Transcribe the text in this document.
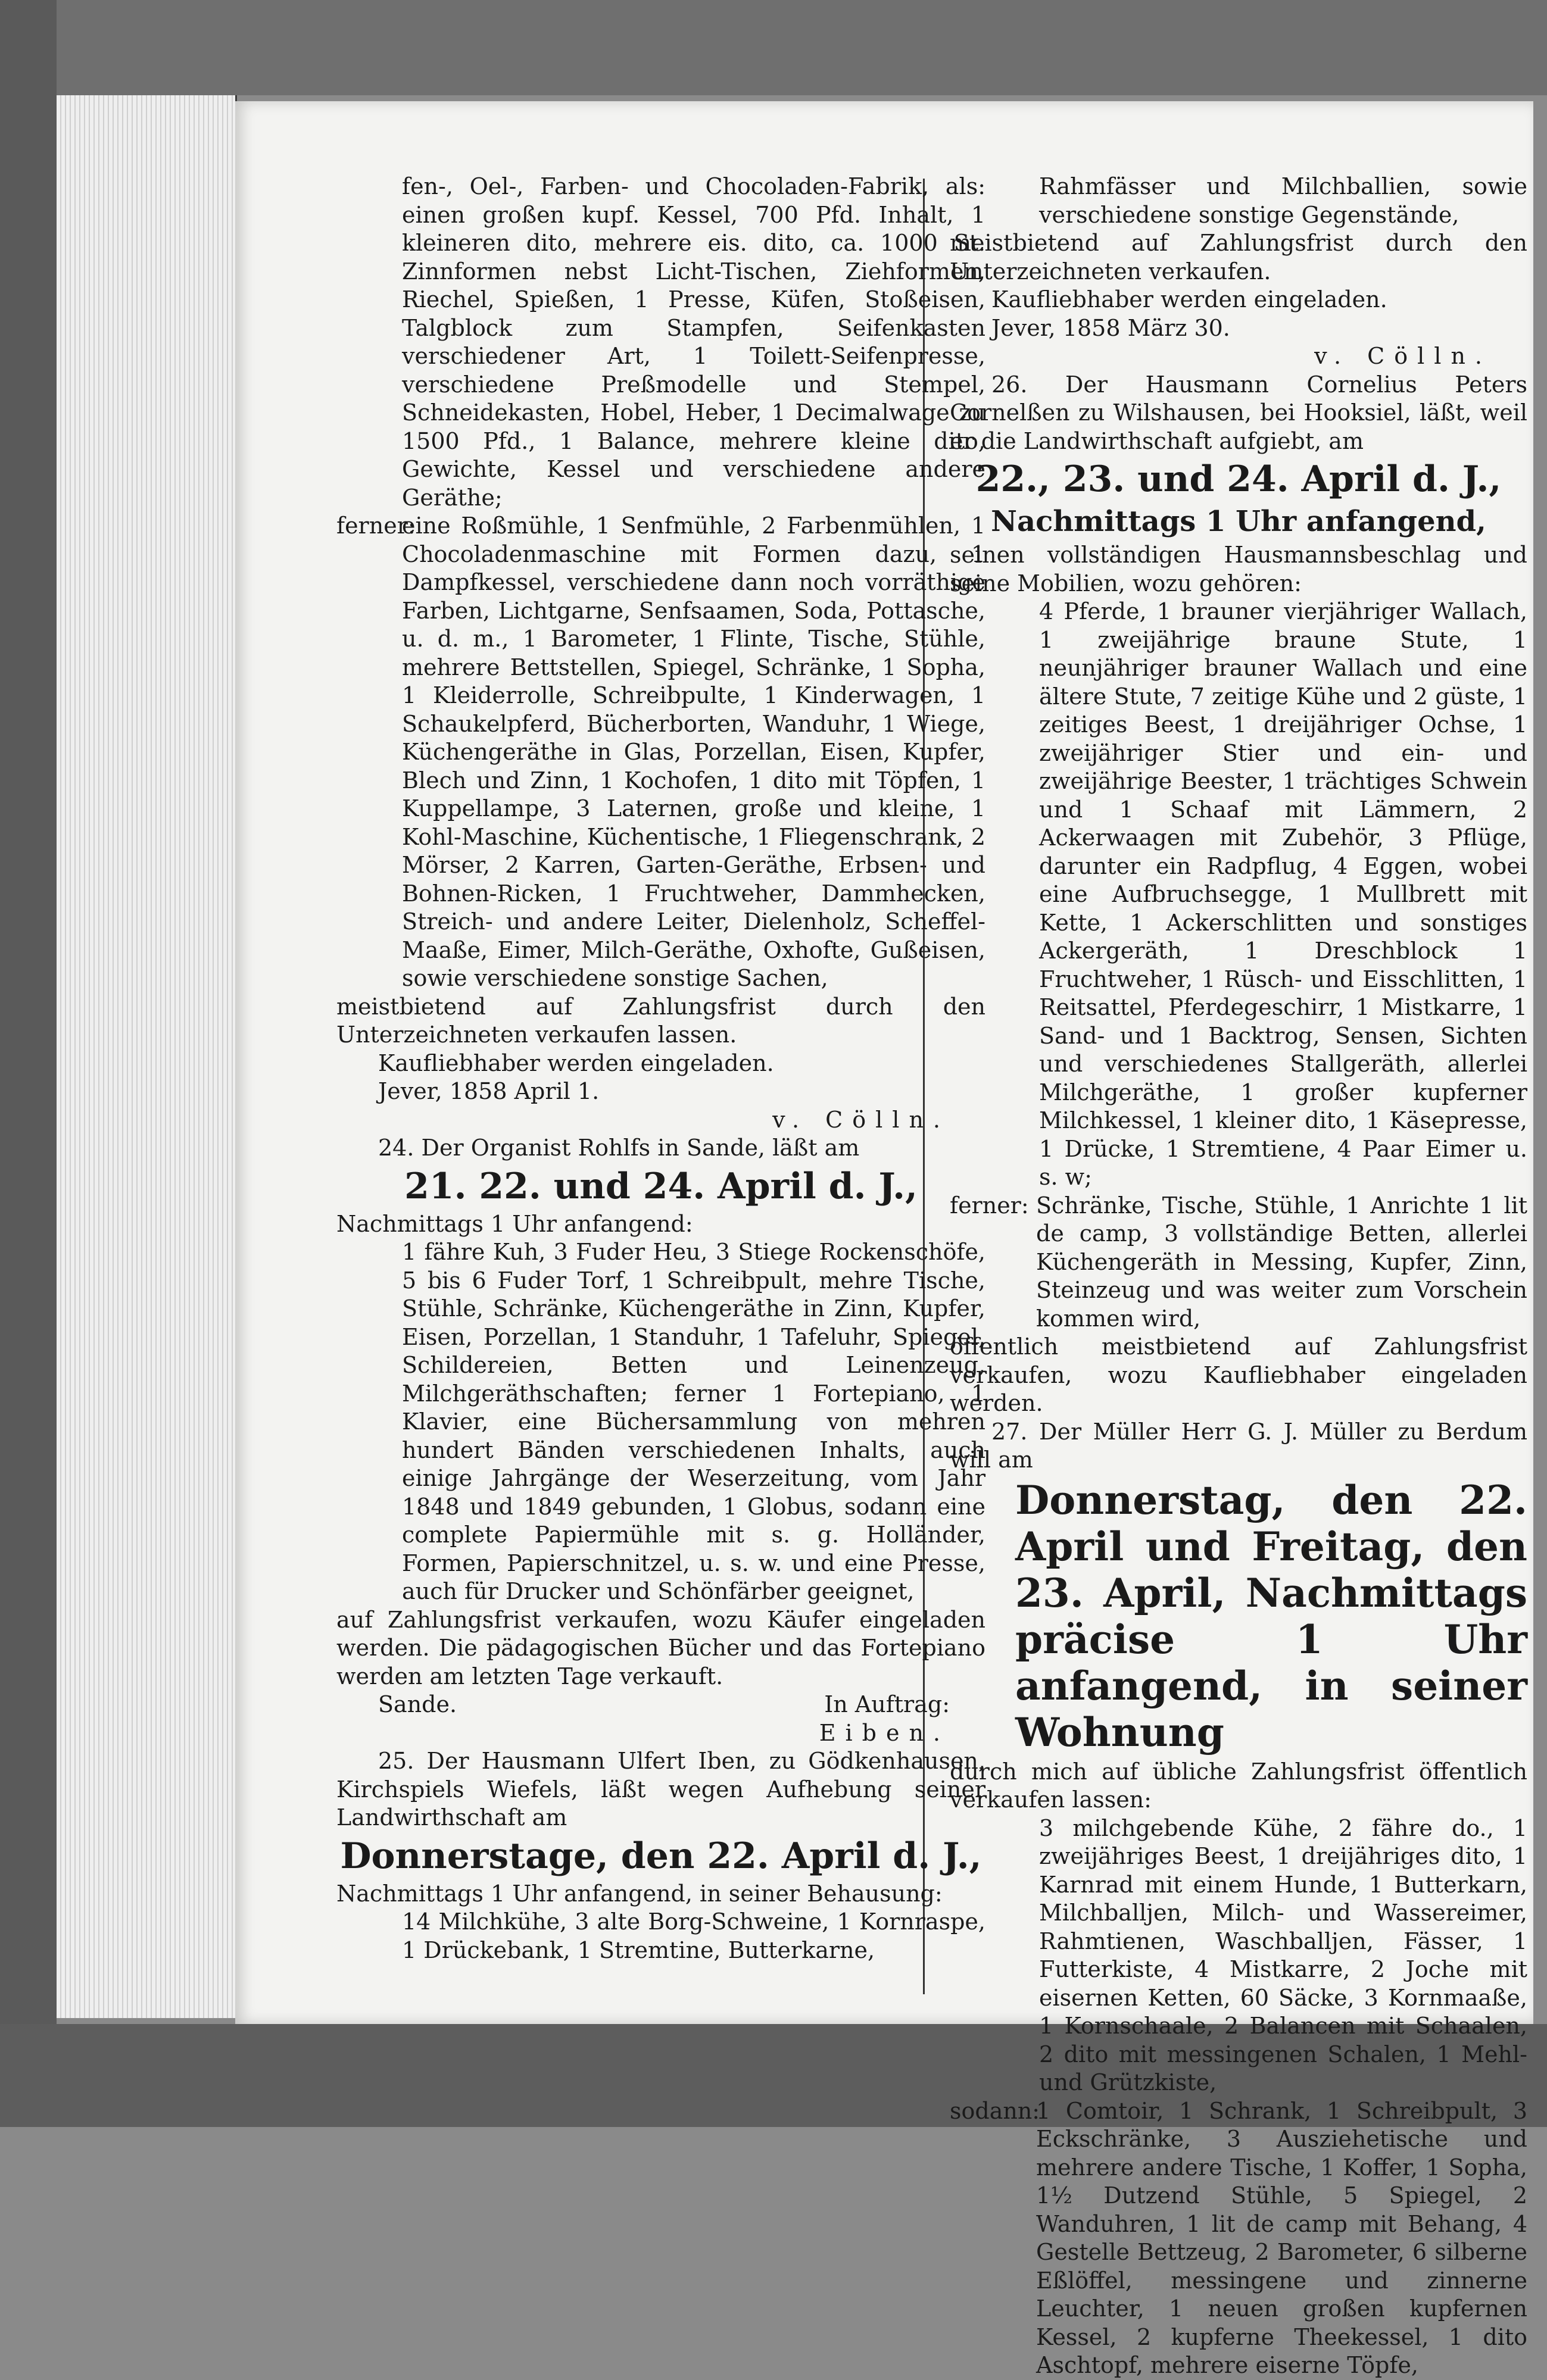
fen-, Oel-, Farben- und Chocoladen-Fabrik, als: einen großen kupf. Kessel, 700 Pfd. Inhalt, 1 kleineren dito, mehrere eis. dito, ca. 1000 St. Zinnformen nebst Licht-Tischen, Ziehformen, Riechel, Spießen, 1 Presse, Küfen, Stoßeisen, Talgblock zum Stampfen, Seifenkasten verschiedener Art, 1 Toilett-Seifenpresse, verschiedene Preßmodelle und Stempel, Schneidekasten, Hobel, Heber, 1 Decimalwage zu 1500 Pfd., 1 Balance, mehrere kleine dito, Gewichte, Kessel und verschiedene andere Geräthe;

ferner:

eine Roßmühle, 1 Senfmühle, 2 Farbenmühlen, 1 Chocoladenmaschine mit Formen dazu, 1 Dampfkessel, verschiedene dann noch vorräthige Farben, Lichtgarne, Senfsaamen, Soda, Pottasche, u. d. m., 1 Barometer, 1 Flinte, Tische, Stühle, mehrere Bettstellen, Spiegel, Schränke, 1 Sopha, 1 Kleiderrolle, Schreibpulte, 1 Kinderwagen, 1 Schaukelpferd, Bücherborten, Wanduhr, 1 Wiege, Küchengeräthe in Glas, Porzellan, Eisen, Kupfer, Blech und Zinn, 1 Kochofen, 1 dito mit Töpfen, 1 Kuppellampe, 3 Laternen, große und kleine, 1 Kohl-Maschine, Küchentische, 1 Fliegenschrank, 2 Mörser, 2 Karren, Garten-Geräthe, Erbsen- und Bohnen-Ricken, 1 Fruchtweher, Dammhecken, Streich- und andere Leiter, Dielenholz, Scheffel-Maaße, Eimer, Milch-Geräthe, Oxhofte, Gußeisen, sowie verschiedene sonstige Sachen,

meistbietend auf Zahlungsfrist durch den Unterzeichneten verkaufen lassen.

Kaufliebhaber werden eingeladen.

Jever, 1858 April 1.

v. Cölln.

24. Der Organist Rohlfs in Sande, läßt am

21. 22. und 24. April d. J.,

Nachmittags 1 Uhr anfangend:

1 fähre Kuh, 3 Fuder Heu, 3 Stiege Rockenschöfe, 5 bis 6 Fuder Torf, 1 Schreibpult, mehre Tische, Stühle, Schränke, Küchengeräthe in Zinn, Kupfer, Eisen, Porzellan, 1 Standuhr, 1 Tafeluhr, Spiegel, Schildereien, Betten und Leinenzeug, Milchgeräthschaften; ferner 1 Fortepiano, 1 Klavier, eine Büchersammlung von mehren hundert Bänden verschiedenen Inhalts, auch einige Jahrgänge der Weserzeitung, vom Jahr 1848 und 1849 gebunden, 1 Globus, sodann eine complete Papiermühle mit s. g. Holländer, Formen, Papierschnitzel, u. s. w. und eine Presse, auch für Drucker und Schönfärber geeignet,

auf Zahlungsfrist verkaufen, wozu Käufer eingeladen werden. Die pädagogischen Bücher und das Fortepiano werden am letzten Tage verkauft.

Sande.	In Auftrag:

Eiben.

25. Der Hausmann Ulfert Iben, zu Gödkenhausen, Kirchspiels Wiefels, läßt wegen Aufhebung seiner Landwirthschaft am

Donnerstage, den 22. April d. J.,

Nachmittags 1 Uhr anfangend, in seiner Behausung:

14 Milchkühe, 3 alte Borg-Schweine, 1 Kornraspe, 1 Drückebank, 1 Stremtine, Butterkarne,

Rahmfässer und Milchballien, sowie verschiedene sonstige Gegenstände,

meistbietend auf Zahlungsfrist durch den Unterzeichneten verkaufen.

Kaufliebhaber werden eingeladen.

Jever, 1858 März 30.

v. Cölln.

26. Der Hausmann Cornelius Peters Cornelßen zu Wilshausen, bei Hooksiel, läßt, weil er die Landwirthschaft aufgiebt, am

22., 23. und 24. April d. J.,

Nachmittags 1 Uhr anfangend,

seinen vollständigen Hausmannsbeschlag und seine Mobilien, wozu gehören:

4 Pferde, 1 brauner vierjähriger Wallach, 1 zweijährige braune Stute, 1 neunjähriger brauner Wallach und eine ältere Stute, 7 zeitige Kühe und 2 güste, 1 zeitiges Beest, 1 dreijähriger Ochse, 1 zweijähriger Stier und ein- und zweijährige Beester, 1 trächtiges Schwein und 1 Schaaf mit Lämmern, 2 Ackerwaagen mit Zubehör, 3 Pflüge, darunter ein Radpflug, 4 Eggen, wobei eine Aufbruchsegge, 1 Mullbrett mit Kette, 1 Ackerschlitten und sonstiges Ackergeräth, 1 Dreschblock 1 Fruchtweher, 1 Rüsch- und Eisschlitten, 1 Reitsattel, Pferdegeschirr, 1 Mistkarre, 1 Sand- und 1 Backtrog, Sensen, Sichten und verschiedenes Stallgeräth, allerlei Milchgeräthe, 1 großer kupferner Milchkessel, 1 kleiner dito, 1 Käsepresse, 1 Drücke, 1 Stremtiene, 4 Paar Eimer u. s. w;

ferner: Schränke, Tische, Stühle, 1 Anrichte 1 lit de camp, 3 vollständige Betten, allerlei Küchengeräth in Messing, Kupfer, Zinn, Steinzeug und was weiter zum Vorschein kommen wird,

öffentlich meistbietend auf Zahlungsfrist verkaufen, wozu Kaufliebhaber eingeladen werden.

27. Der Müller Herr G. J. Müller zu Berdum will am

Donnerstag, den 22. April und Freitag, den 23. April, Nachmittags präcise 1 Uhr anfangend, in seiner Wohnung

durch mich auf übliche Zahlungsfrist öffentlich verkaufen lassen:

3 milchgebende Kühe, 2 fähre do., 1 zweijähriges Beest, 1 dreijähriges dito, 1 Karnrad mit einem Hunde, 1 Butterkarn, Milchballjen, Milch- und Wassereimer, Rahmtienen, Waschballjen, Fässer, 1 Futterkiste, 4 Mistkarre, 2 Joche mit eisernen Ketten, 60 Säcke, 3 Kornmaaße, 1 Kornschaale, 2 Balancen mit Schaalen, 2 dito mit messingenen Schalen, 1 Mehl- und Grützkiste,

sodann:

1 Comtoir, 1 Schrank, 1 Schreibpult, 3 Eckschränke, 3 Ausziehetische und mehrere andere Tische, 1 Koffer, 1 Sopha, 1½ Dutzend Stühle, 5 Spiegel, 2 Wanduhren, 1 lit de camp mit Behang, 4 Gestelle Bettzeug, 2 Barometer, 6 silberne Eßlöffel, messingene und zinnerne Leuchter, 1 neuen großen kupfernen Kessel, 2 kupferne Theekessel, 1 dito Aschtopf, mehrere eiserne Töpfe,
